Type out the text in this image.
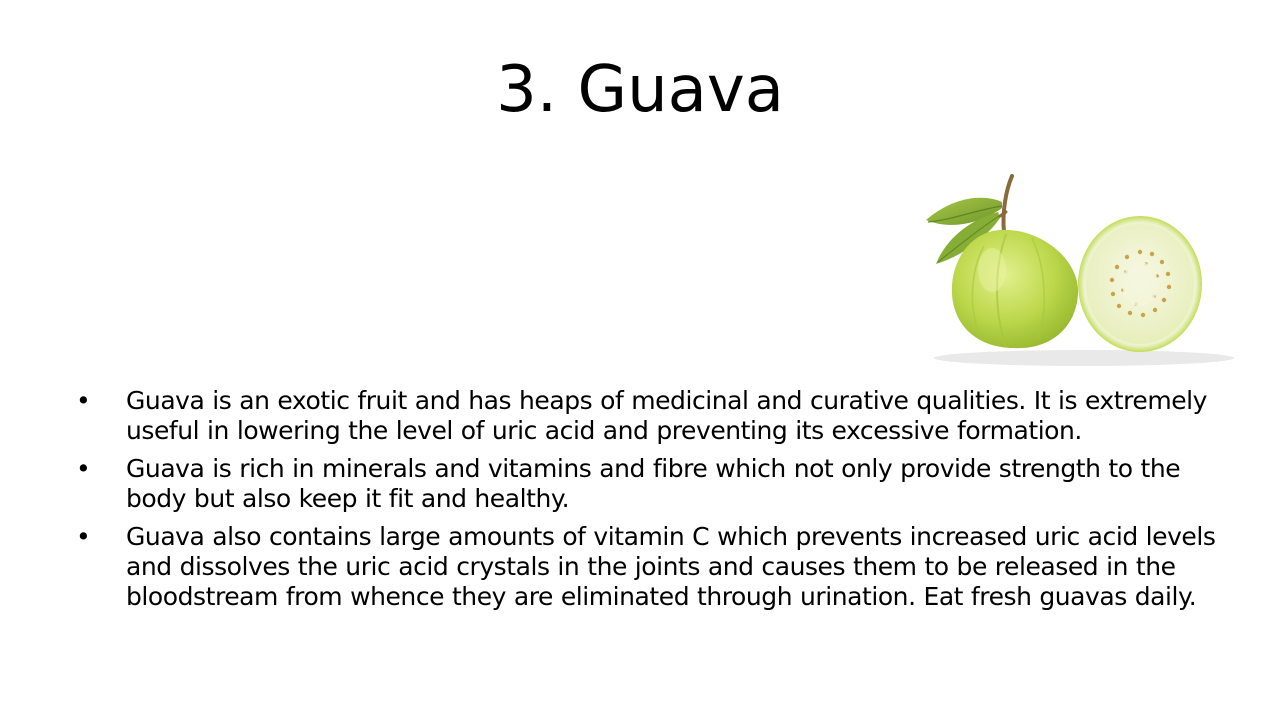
3. Guava
• Guava is an exotic fruit and has heaps of medicinal and curative qualities. It is extremely useful in lowering the level of uric acid and preventing its excessive formation.
• Guava is rich in minerals and vitamins and fibre which not only provide strength to the body but also keep it fit and healthy.
• Guava also contains large amounts of vitamin C which prevents increased uric acid levels and dissolves the uric acid crystals in the joints and causes them to be released in the bloodstream from whence they are eliminated through urination. Eat fresh guavas daily.
